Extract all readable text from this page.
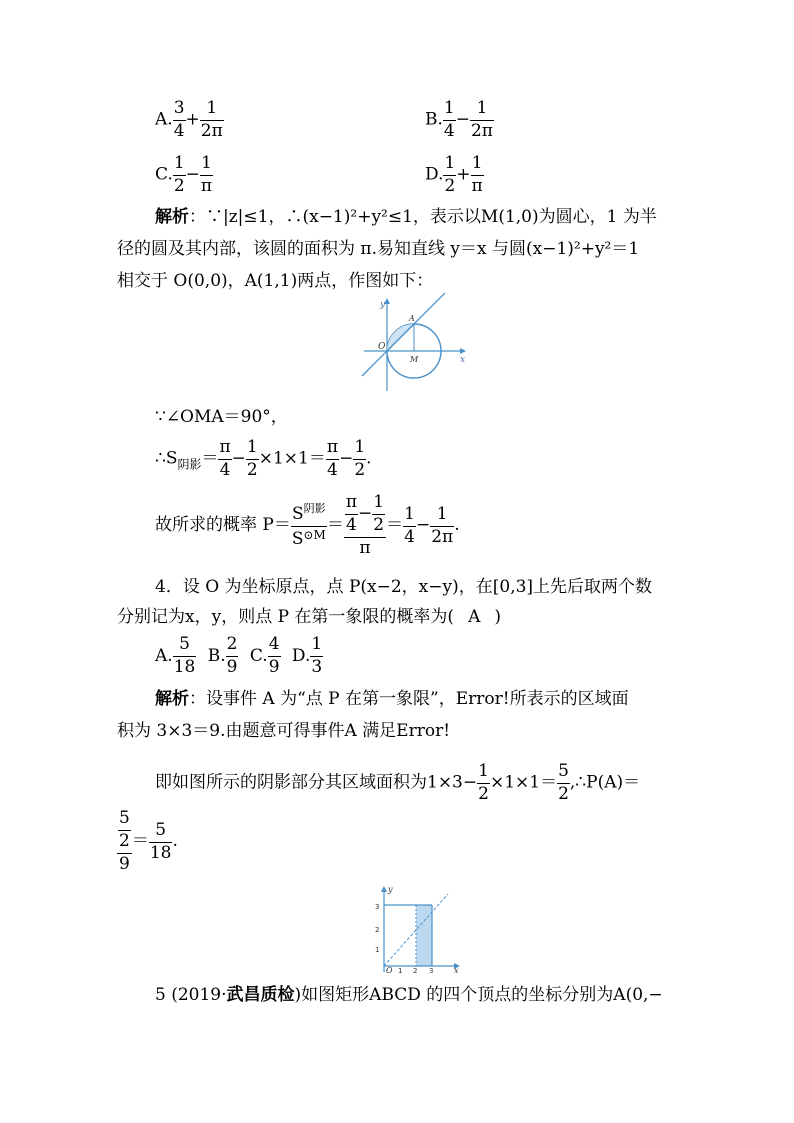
A. $\frac{3}{4} + \frac{1}{2\pi}$	B. $\frac{1}{4} - \frac{1}{2\pi}$
C. $\frac{1}{2} - \frac{1}{\pi}$	D. $\frac{1}{2} + \frac{1}{\pi}$
解析：∵|z|≤1，∴(x−1)²+y²≤1，表示以M(1,0)为圆心，1 为半
径的圆及其内部，该圆的面积为 π.易知直线 y＝x 与圆(x−1)²+y²＝1
相交于 O(0,0)，A(1,1)两点，作图如下：
y
x
O
A
M
∵∠OMA＝90°，
$\therefore S_{阴影}= \frac{\pi}{4} - \frac{1}{2} \times 1\times 1= \frac{\pi}{4} - \frac{1}{2}$ .
故所求的概率 $P= \frac{S^{阴影}}{S^{⊙M}} = \frac{\frac{\pi}{4} - \frac{1}{2}}{\pi} = \frac{1}{4} - \frac{1}{2\pi}$ .
4．设 O 为坐标原点，点 P(x−2，x−y)，在[0,3]上先后取两个数
分别记为x，y，则点 P 在第一象限的概率为( A )
A. $\frac{5}{18} B$. $\frac{2}{9} C$. $\frac{4}{9} D$. $\frac{1}{3}$
解析：设事件 A 为“点 P 在第一象限”，Error!所表示的区域面
积为 3×3＝9.由题意可得事件A 满足Error!
即如图所示的阴影部分其区域面积为$1\times 3- \frac{1}{2} \times 1\times 1= \frac{5}{2}$ ,∴P(A)＝
$\frac{\frac{5}{2}}{9} = \frac{5}{18}$ .
y
x
O 1 2 3
1
2
3
5 (2019·武昌质检)如图矩形ABCD 的四个顶点的坐标分别为A(0,−
